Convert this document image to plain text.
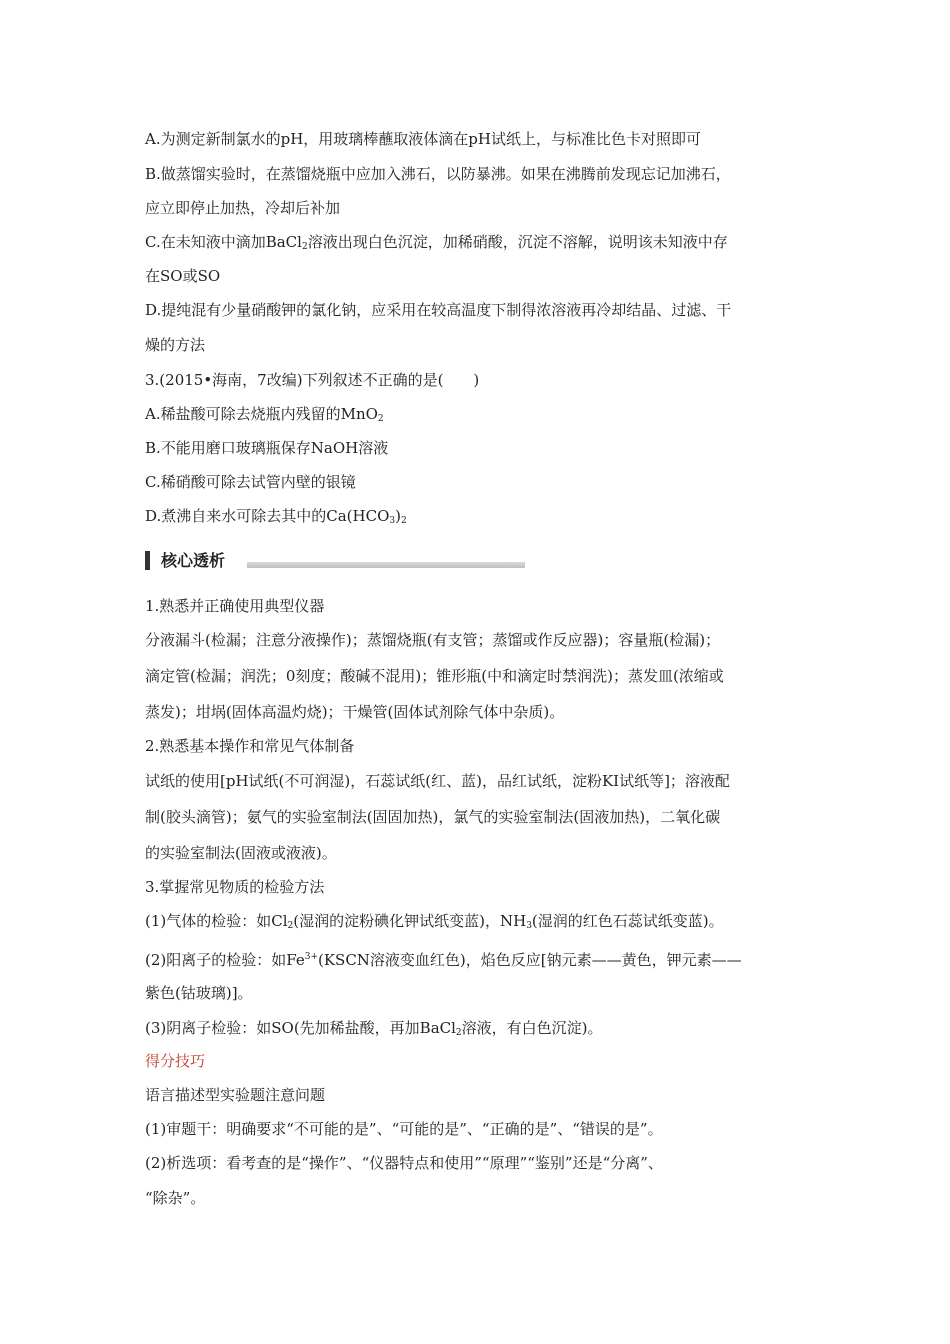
A.为测定新制氯水的pH，用玻璃棒蘸取液体滴在pH试纸上，与标准比色卡对照即可
B.做蒸馏实验时，在蒸馏烧瓶中应加入沸石，以防暴沸。如果在沸腾前发现忘记加沸石，
应立即停止加热，冷却后补加
C.在未知液中滴加BaCl$_2$溶液出现白色沉淀，加稀硝酸，沉淀不溶解，说明该未知液中存
在SO或SO
D.提纯混有少量硝酸钾的氯化钠，应采用在较高温度下制得浓溶液再冷却结晶、过滤、干
燥的方法
3.(2015•海南，7改编)下列叙述不正确的是(　　)
A.稀盐酸可除去烧瓶内残留的MnO$_2$
B.不能用磨口玻璃瓶保存NaOH溶液
C.稀硝酸可除去试管内壁的银镜
D.煮沸自来水可除去其中的$Ca(HCO_3)_2$
核心透析
1.熟悉并正确使用典型仪器
分液漏斗(检漏；注意分液操作)；蒸馏烧瓶(有支管；蒸馏或作反应器)；容量瓶(检漏)；
滴定管(检漏；润洗；0刻度；酸碱不混用)；锥形瓶(中和滴定时禁润洗)；蒸发皿(浓缩或
蒸发)；坩埚(固体高温灼烧)；干燥管(固体试剂除气体中杂质)。
2.熟悉基本操作和常见气体制备
试纸的使用[pH试纸(不可润湿)，石蕊试纸(红、蓝)，品红试纸，淀粉KI试纸等]；溶液配
制(胶头滴管)；氨气的实验室制法(固固加热)，氯气的实验室制法(固液加热)，二氧化碳
的实验室制法(固液或液液)。
3.掌握常见物质的检验方法
(1)气体的检验：如$Cl_2$(湿润的淀粉碘化钾试纸变蓝)，$NH_3$(湿润的红色石蕊试纸变蓝)。
(2)阳离子的检验：如$Fe^{3+}(KSCN$溶液变血红色)，焰色反应[钠元素——黄色，钾元素——
紫色(钴玻璃)]。
(3)阴离子检验：如SO(先加稀盐酸，再加BaCl$_2$溶液，有白色沉淀)。
得分技巧
语言描述型实验题注意问题
(1)审题干：明确要求“不可能的是”、“可能的是”、“正确的是”、“错误的是”。
(2)析选项：看考查的是“操作”、“仪器特点和使用”“原理”“鉴别”还是“分离”、
“除杂”。
